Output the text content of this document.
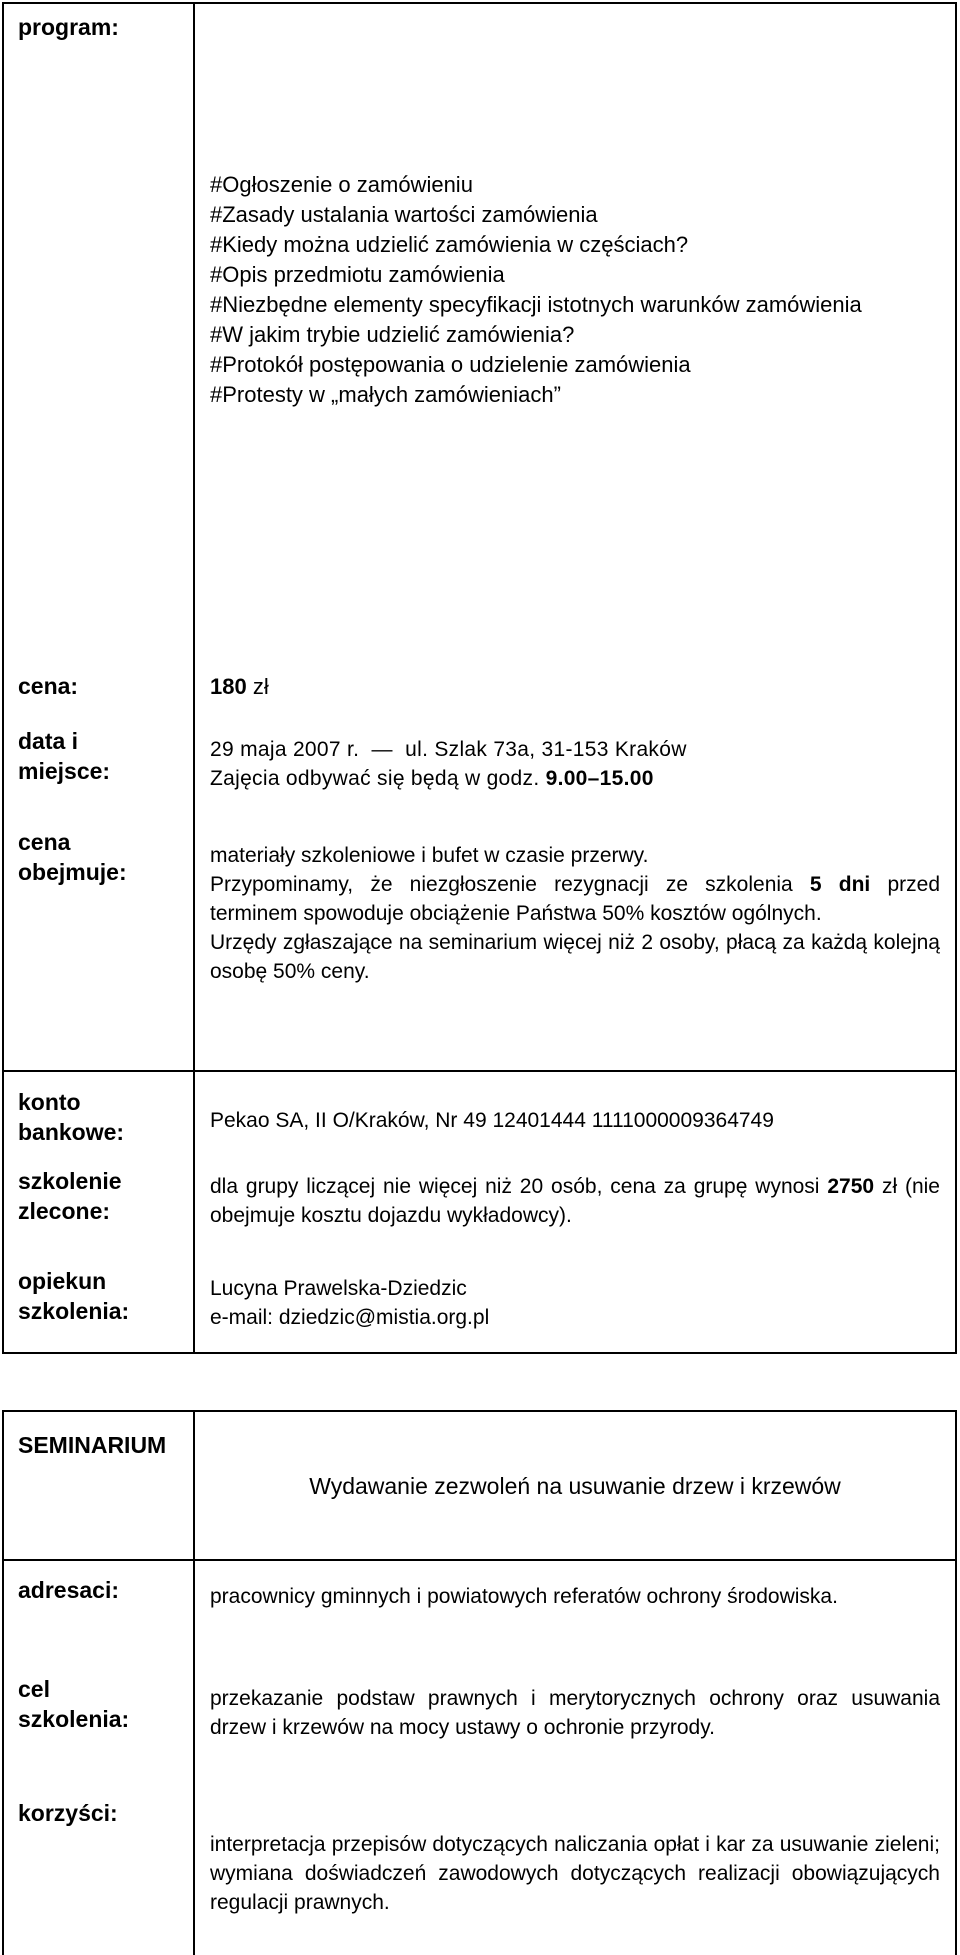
program:
#Ogłoszenie o zamówieniu
#Zasady ustalania wartości zamówienia
#Kiedy można udzielić zamówienia w częściach?
#Opis przedmiotu zamówienia
#Niezbędne elementy specyfikacji istotnych warunków zamówienia
#W jakim trybie udzielić zamówienia?
#Protokół postępowania o udzielenie zamówienia
#Protesty w „małych zamówieniach”
cena:	180 zł
data i miejsce:
29 maja 2007 r.  —  ul. Szlak 73a, 31-153 Kraków
Zajęcia odbywać się będą w godz. 9.00–15.00
cena obejmuje:
materiały szkoleniowe i bufet w czasie przerwy.
Przypominamy, że niezgłoszenie rezygnacji ze szkolenia 5 dni przed terminem spowoduje obciążenie Państwa 50% kosztów ogólnych.
Urzędy zgłaszające na seminarium więcej niż 2 osoby, płacą za każdą kolejną osobę 50% ceny.
konto bankowe:	Pekao SA, II O/Kraków, Nr 49 12401444 1111000009364749
szkolenie zlecone:
dla grupy liczącej nie więcej niż 20 osób, cena za grupę wynosi 2750 zł (nie obejmuje kosztu dojazdu wykładowcy).
opiekun szkolenia:
Lucyna Prawelska-Dziedzic
e-mail: dziedzic@mistia.org.pl
SEMINARIUM
Wydawanie zezwoleń na usuwanie drzew i krzewów
adresaci:	pracownicy gminnych i powiatowych referatów ochrony środowiska.
cel szkolenia:
przekazanie podstaw prawnych i merytorycznych ochrony oraz usuwania drzew i krzewów na mocy ustawy o ochronie przyrody.
korzyści:
interpretacja przepisów dotyczących naliczania opłat i kar za usuwanie zieleni; wymiana doświadczeń zawodowych dotyczących realizacji obowiązujących regulacji prawnych.
